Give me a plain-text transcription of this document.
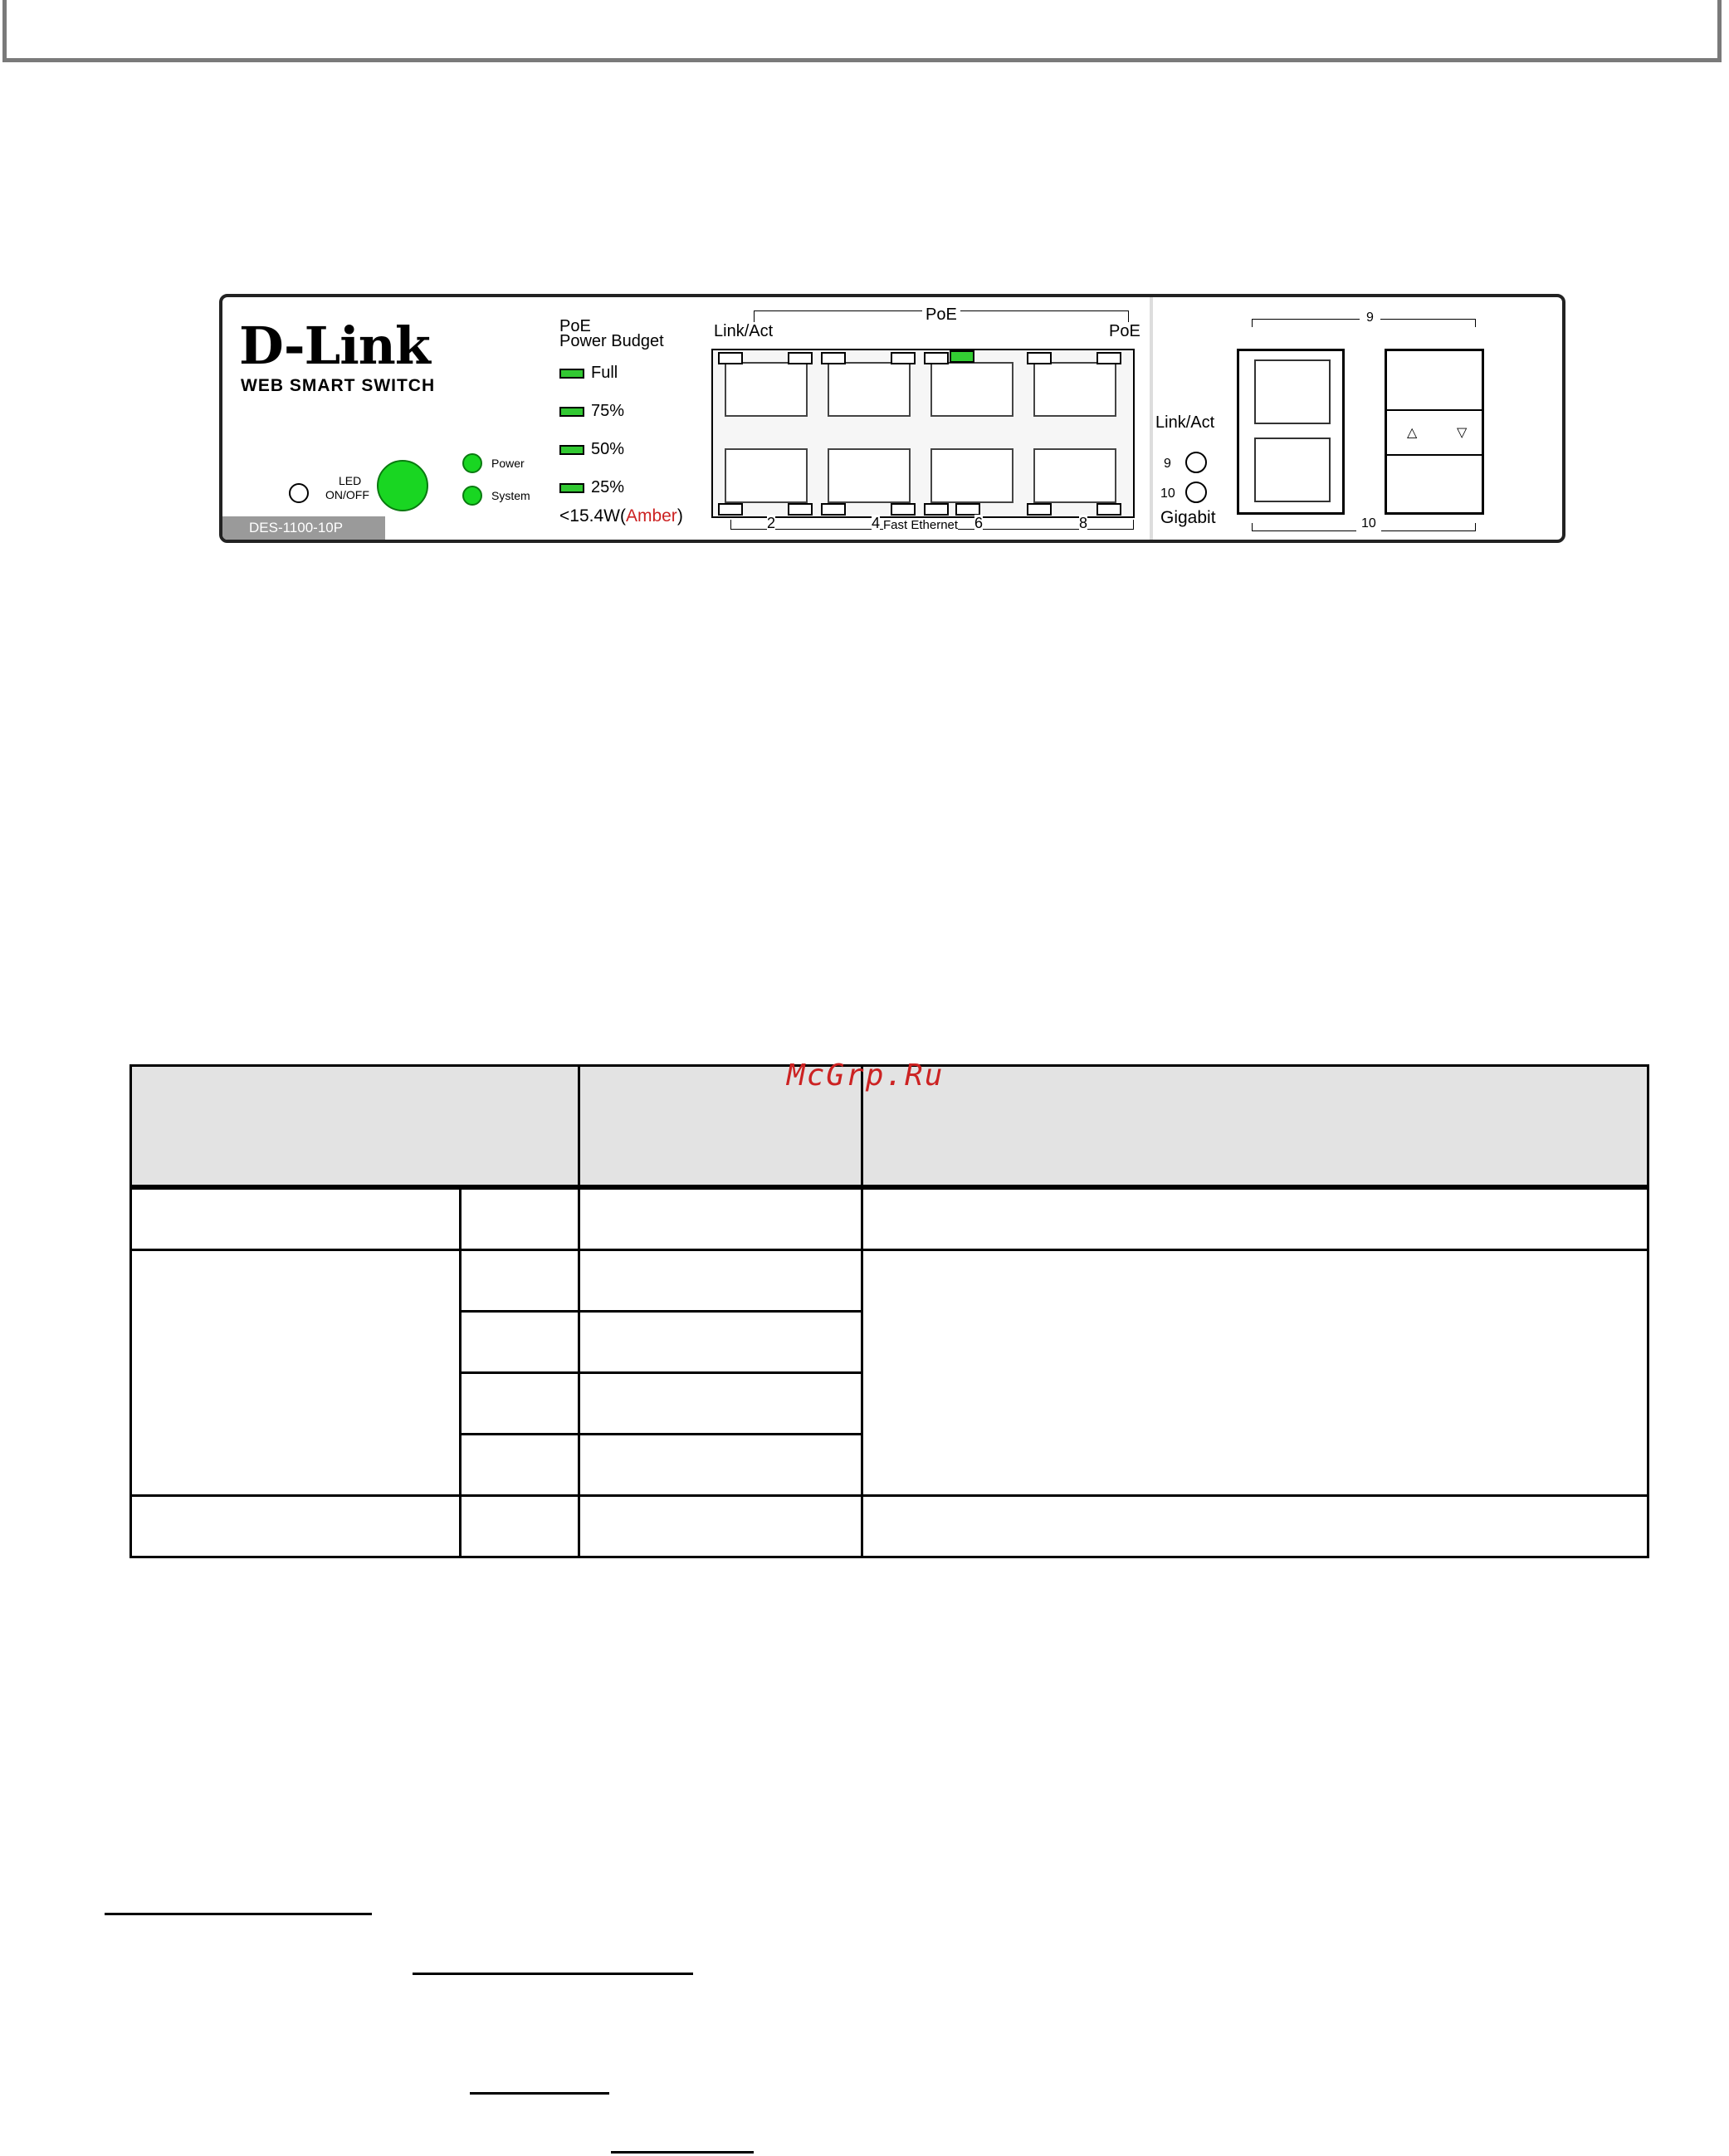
D-Link
WEB SMART SWITCH
LED
ON/OFF
Power
System
DES-1100-10P
PoE
Power Budget
Full
75%
50%
25%
<15.4W(Amber)
PoE
Link/Act	PoE
2	4 Fast Ethernet 6	8
Link/Act
9
10
Gigabit
9
△	▽
10

McGrp.Ru
